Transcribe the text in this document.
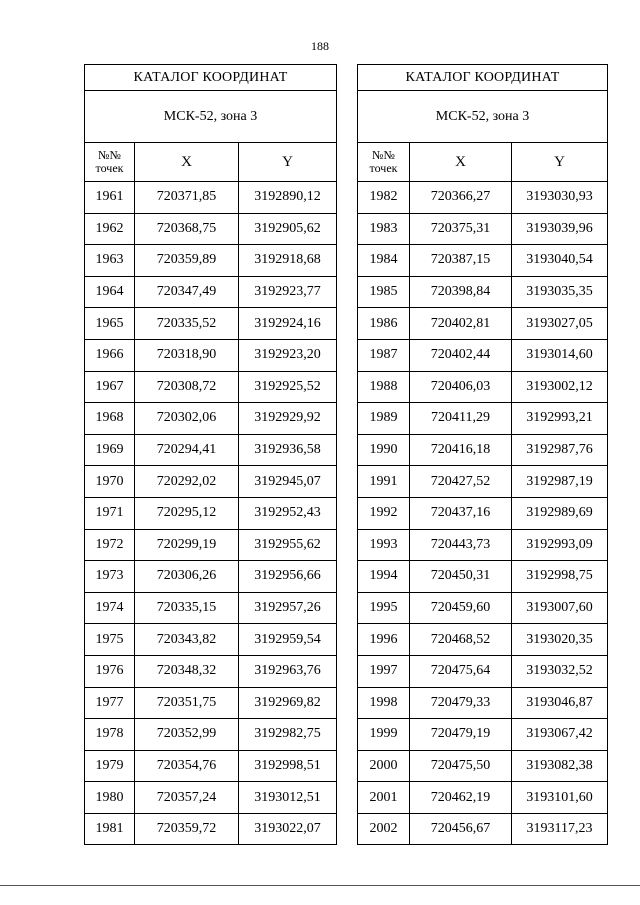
188
КАТАЛОГ КООРДИНАТ		
МСК-52, зона 3		
№№ точек	X	Y
1961	720371,85	3192890,12
1962	720368,75	3192905,62
1963	720359,89	3192918,68
1964	720347,49	3192923,77
1965	720335,52	3192924,16
1966	720318,90	3192923,20
1967	720308,72	3192925,52
1968	720302,06	3192929,92
1969	720294,41	3192936,58
1970	720292,02	3192945,07
1971	720295,12	3192952,43
1972	720299,19	3192955,62
1973	720306,26	3192956,66
1974	720335,15	3192957,26
1975	720343,82	3192959,54
1976	720348,32	3192963,76
1977	720351,75	3192969,82
1978	720352,99	3192982,75
1979	720354,76	3192998,51
1980	720357,24	3193012,51
1981	720359,72	3193022,07
КАТАЛОГ КООРДИНАТ		
МСК-52, зона 3		
№№ точек	X	Y
1982	720366,27	3193030,93
1983	720375,31	3193039,96
1984	720387,15	3193040,54
1985	720398,84	3193035,35
1986	720402,81	3193027,05
1987	720402,44	3193014,60
1988	720406,03	3193002,12
1989	720411,29	3192993,21
1990	720416,18	3192987,76
1991	720427,52	3192987,19
1992	720437,16	3192989,69
1993	720443,73	3192993,09
1994	720450,31	3192998,75
1995	720459,60	3193007,60
1996	720468,52	3193020,35
1997	720475,64	3193032,52
1998	720479,33	3193046,87
1999	720479,19	3193067,42
2000	720475,50	3193082,38
2001	720462,19	3193101,60
2002	720456,67	3193117,23
